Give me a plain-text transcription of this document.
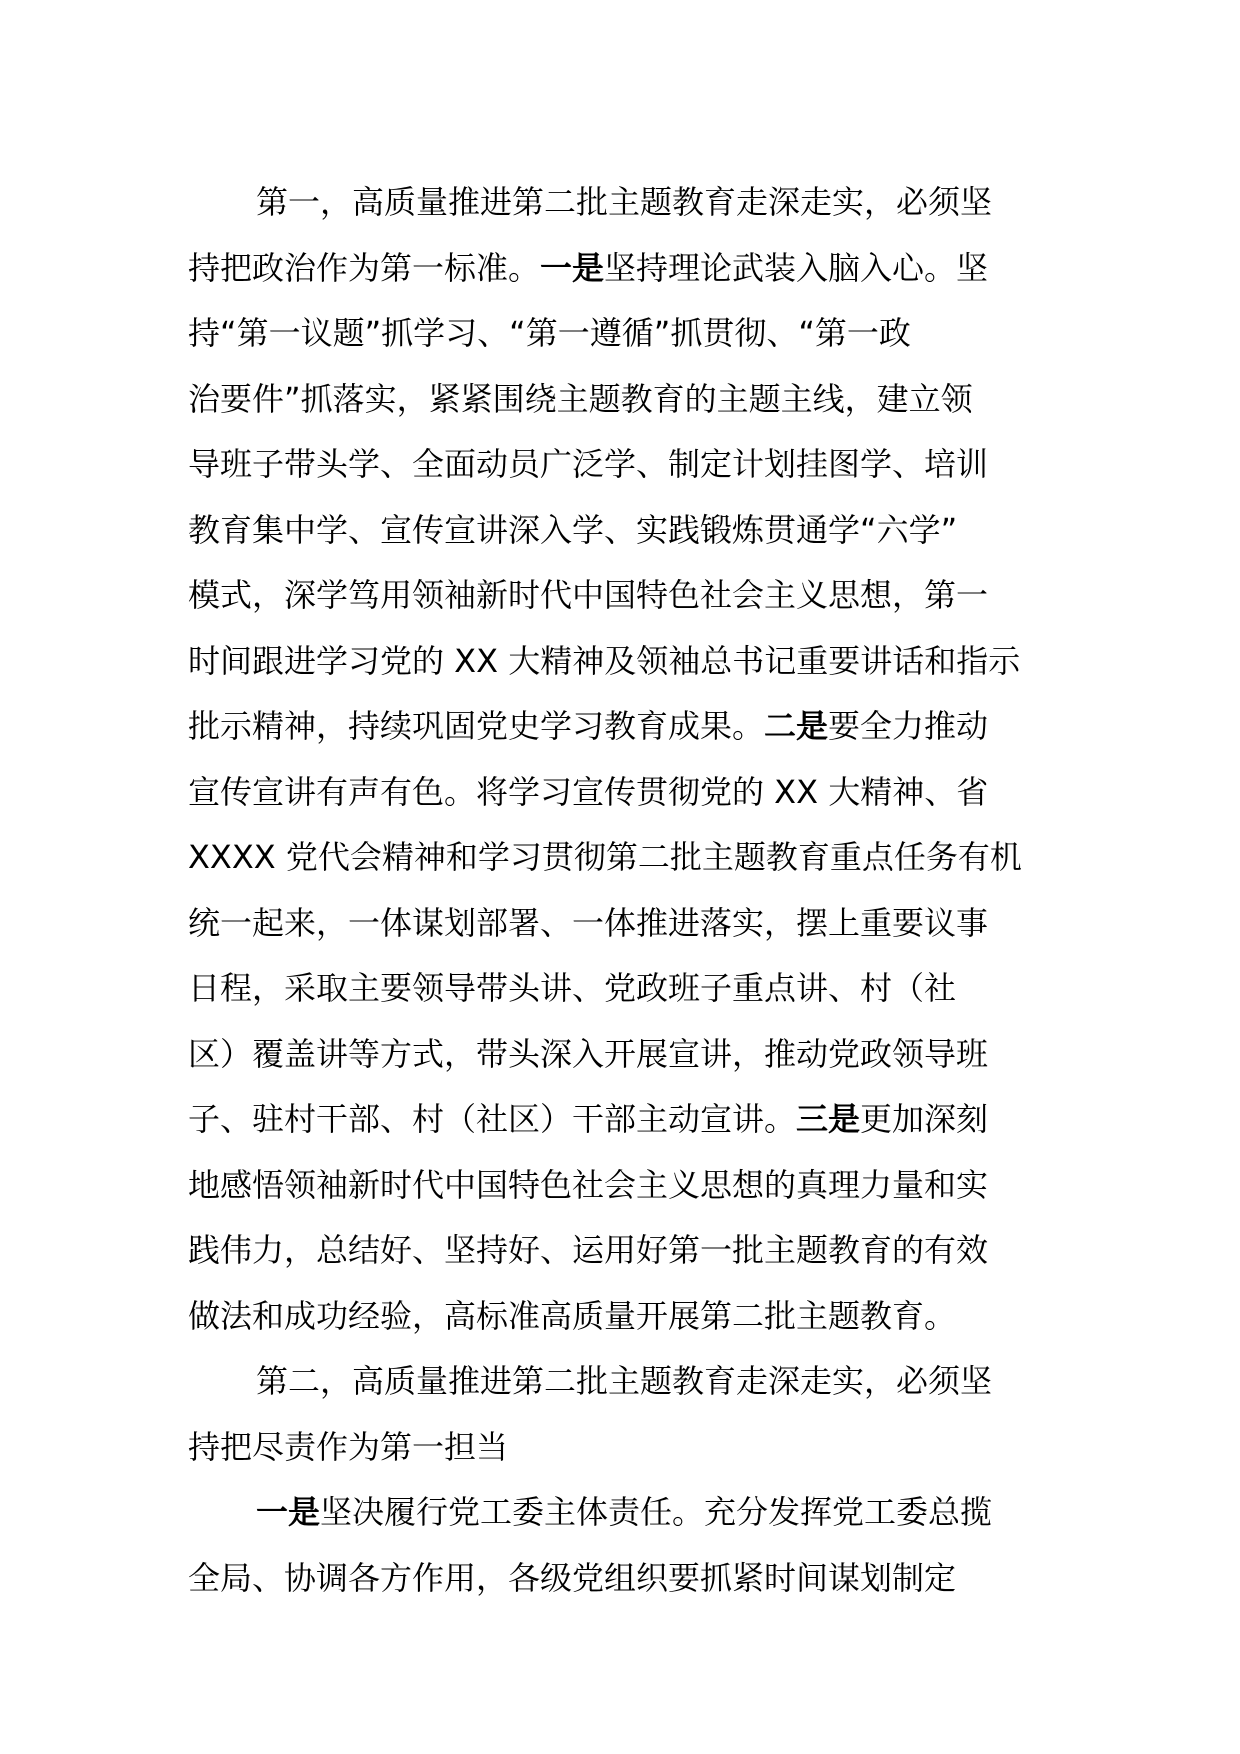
第一，高质量推进第二批主题教育走深走实，必须坚
持把政治作为第一标准。一是坚持理论武装入脑入心。坚
持“第一议题”抓学习、“第一遵循”抓贯彻、“第一政
治要件”抓落实，紧紧围绕主题教育的主题主线，建立领
导班子带头学、全面动员广泛学、制定计划挂图学、培训
教育集中学、宣传宣讲深入学、实践锻炼贯通学“六学”
模式，深学笃用领袖新时代中国特色社会主义思想，第一
时间跟进学习党的 XX 大精神及领袖总书记重要讲话和指示
批示精神，持续巩固党史学习教育成果。二是要全力推动
宣传宣讲有声有色。将学习宣传贯彻党的 XX 大精神、省
XXXX 党代会精神和学习贯彻第二批主题教育重点任务有机
统一起来，一体谋划部署、一体推进落实，摆上重要议事
日程，采取主要领导带头讲、党政班子重点讲、村（社
区）覆盖讲等方式，带头深入开展宣讲，推动党政领导班
子、驻村干部、村（社区）干部主动宣讲。三是更加深刻
地感悟领袖新时代中国特色社会主义思想的真理力量和实
践伟力，总结好、坚持好、运用好第一批主题教育的有效
做法和成功经验，高标准高质量开展第二批主题教育。
第二，高质量推进第二批主题教育走深走实，必须坚
持把尽责作为第一担当
一是坚决履行党工委主体责任。充分发挥党工委总揽
全局、协调各方作用，各级党组织要抓紧时间谋划制定
